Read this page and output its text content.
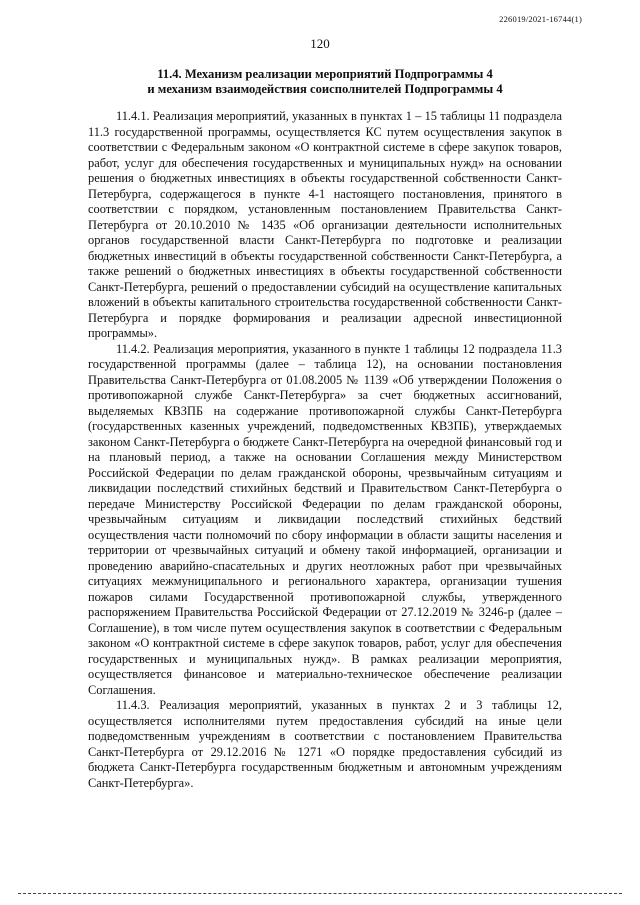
226019/2021-16744(1)
120
11.4. Механизм реализации мероприятий Подпрограммы 4
и механизм взаимодействия соисполнителей Подпрограммы 4

11.4.1. Реализация мероприятий, указанных в пунктах 1 – 15 таблицы 11 подраздела 11.3 государственной программы, осуществляется КС путем осуществления закупок в соответствии с Федеральным законом «О контрактной системе в сфере закупок товаров, работ, услуг для обеспечения государственных и муниципальных нужд» на основании решения о бюджетных инвестициях в объекты государственной собственности Санкт-Петербурга, содержащегося в пункте 4-1 настоящего постановления, принятого в соответствии с порядком, установленным постановлением Правительства Санкт-Петербурга от 20.10.2010 № 1435 «Об организации деятельности исполнительных органов государственной власти Санкт-Петербурга по подготовке и реализации бюджетных инвестиций в объекты государственной собственности Санкт-Петербурга, а также решений о бюджетных инвестициях в объекты государственной собственности Санкт-Петербурга, решений о предоставлении субсидий на осуществление капитальных вложений в объекты капитального строительства государственной собственности Санкт-Петербурга и порядке формирования и реализации адресной инвестиционной программы».

11.4.2. Реализация мероприятия, указанного в пункте 1 таблицы 12 подраздела 11.3 государственной программы (далее – таблица 12), на основании постановления Правительства Санкт-Петербурга от 01.08.2005 № 1139 «Об утверждении Положения о противопожарной службе Санкт-Петербурга» за счет бюджетных ассигнований, выделяемых КВЗПБ на содержание противопожарной службы Санкт-Петербурга (государственных казенных учреждений, подведомственных КВЗПБ), утверждаемых законом Санкт-Петербурга о бюджете Санкт-Петербурга на очередной финансовый год и на плановый период, а также на основании Соглашения между Министерством Российской Федерации по делам гражданской обороны, чрезвычайным ситуациям и ликвидации последствий стихийных бедствий и Правительством Санкт-Петербурга о передаче Министерству Российской Федерации по делам гражданской обороны, чрезвычайным ситуациям и ликвидации последствий стихийных бедствий осуществления части полномочий по сбору информации в области защиты населения и территории от чрезвычайных ситуаций и обмену такой информацией, организации и проведению аварийно-спасательных и других неотложных работ при чрезвычайных ситуациях межмуниципального и регионального характера, организации тушения пожаров силами Государственной противопожарной службы, утвержденного распоряжением Правительства Российской Федерации от 27.12.2019 № 3246-р (далее – Соглашение), в том числе путем осуществления закупок в соответствии с Федеральным законом «О контрактной системе в сфере закупок товаров, работ, услуг для обеспечения государственных и муниципальных нужд». В рамках реализации мероприятия, осуществляется финансовое и материально-техническое обеспечение реализации Соглашения.

11.4.3. Реализация мероприятий, указанных в пунктах 2 и 3 таблицы 12, осуществляется исполнителями путем предоставления субсидий на иные цели подведомственным учреждениям в соответствии с постановлением Правительства Санкт-Петербурга от 29.12.2016 № 1271 «О порядке предоставления субсидий из бюджета Санкт-Петербурга государственным бюджетным и автономным учреждениям Санкт-Петербурга».
